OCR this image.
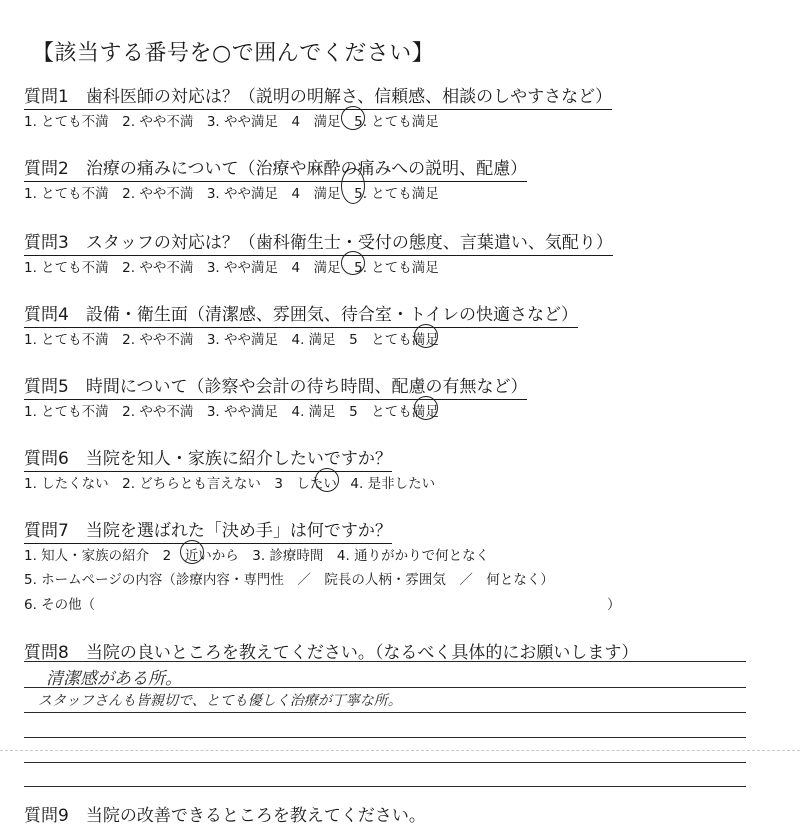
【該当する番号を○で囲んでください】
質問1　歯科医師の対応は？（説明の明解さ、信頼感、相談のしやすさなど）
1. とても不満　2. やや不満　3. やや満足　4　満足　5. とても満足
質問2　治療の痛みについて（治療や麻酔の痛みへの説明、配慮）
1. とても不満　2. やや不満　3. やや満足　4　満足　5. とても満足
質問3　スタッフの対応は？（歯科衛生士・受付の態度、言葉遣い、気配り）
1. とても不満　2. やや不満　3. やや満足　4　満足　5. とても満足
質問4　設備・衛生面（清潔感、雰囲気、待合室・トイレの快適さなど）
1. とても不満　2. やや不満　3. やや満足　4. 満足　5　とても満足
質問5　時間について（診察や会計の待ち時間、配慮の有無など）
1. とても不満　2. やや不満　3. やや満足　4. 満足　5　とても満足
質問6　当院を知人・家族に紹介したいですか？
1. したくない　2. どちらとも言えない　3　したい　4. 是非したい
質問7　当院を選ばれた「決め手」は何ですか？
1. 知人・家族の紹介　2　近いから　3. 診療時間　4. 通りがかりで何となく
5. ホームページの内容（診療内容・専門性　／　院長の人柄・雰囲気　／　何となく）
6. その他（	）
質問8　当院の良いところを教えてください。（なるべく具体的にお願いします）
清潔感がある所。
スタッフさんも皆親切で、とても優しく治療が丁寧な所。
質問9　当院の改善できるところを教えてください。
